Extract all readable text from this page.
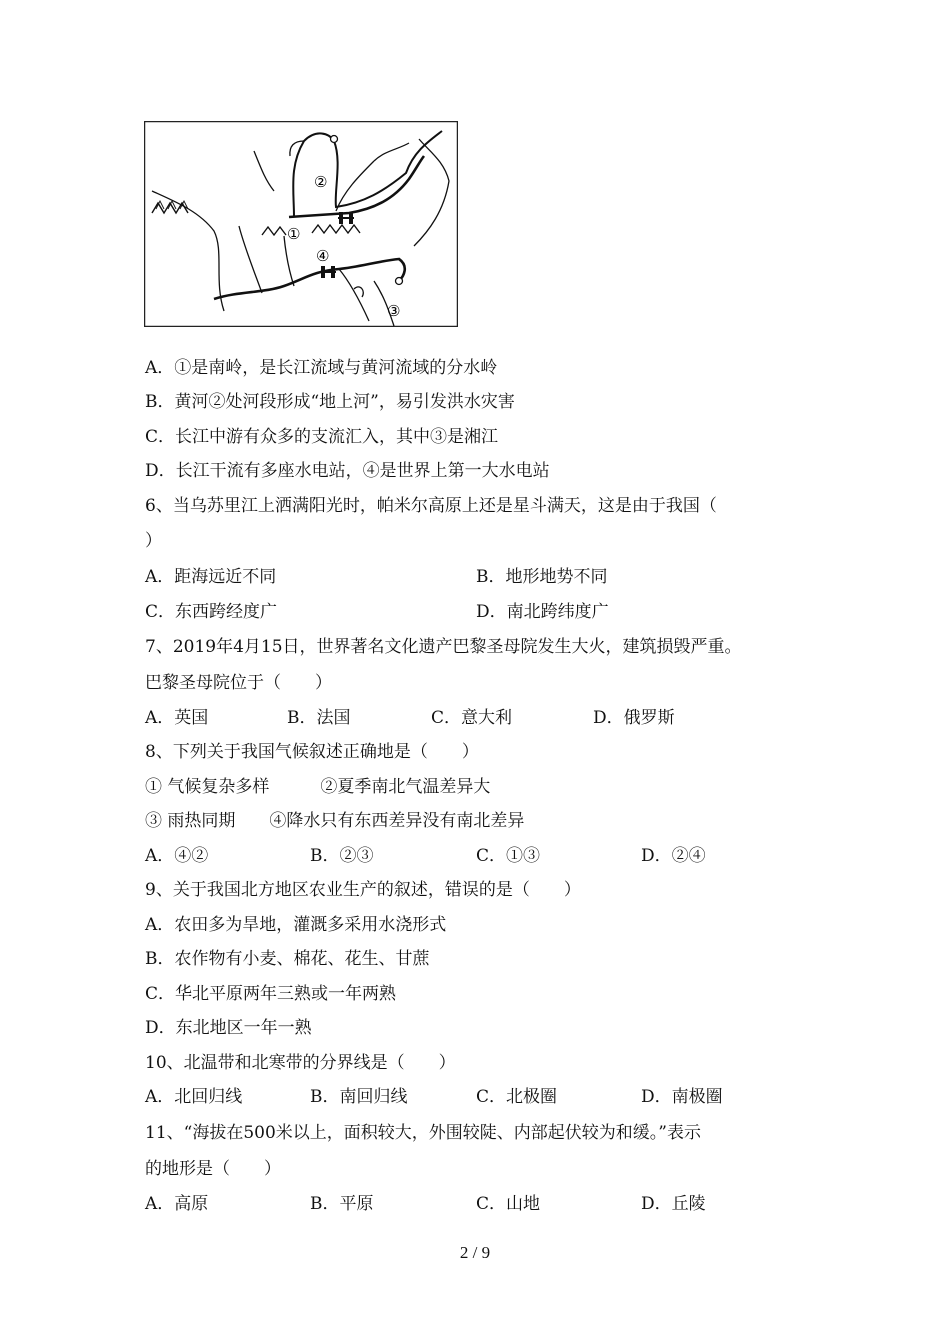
②
①
④
③
A．①是南岭，是长江流域与黄河流域的分水岭
B．黄河②处河段形成“地上河”，易引发洪水灾害
C．长江中游有众多的支流汇入，其中③是湘江
D．长江干流有多座水电站，④是世界上第一大水电站
6、当乌苏里江上洒满阳光时，帕米尔高原上还是星斗满天，这是由于我国（
）
A．距海远近不同	B．地形地势不同
C．东西跨经度广	D．南北跨纬度广
7、2019年4月15日，世界著名文化遗产巴黎圣母院发生大火，建筑损毁严重。
巴黎圣母院位于（　　）
A．英国	B．法国	C．意大利	D．俄罗斯
8、下列关于我国气候叙述正确地是（　　）
① 气候复杂多样　　　②夏季南北气温差异大
③ 雨热同期　　④降水只有东西差异没有南北差异
A．④②	B．②③	C．①③	D．②④
9、关于我国北方地区农业生产的叙述，错误的是（　　）
A．农田多为旱地，灌溉多采用水浇形式
B．农作物有小麦、棉花、花生、甘蔗
C．华北平原两年三熟或一年两熟
D．东北地区一年一熟
10、北温带和北寒带的分界线是（　　）
A．北回归线	B．南回归线	C．北极圈	D．南极圈
11、“海拔在500米以上，面积较大，外围较陡、内部起伏较为和缓。”表示
的地形是（　　）
A．高原	B．平原	C．山地	D．丘陵
2 / 9
